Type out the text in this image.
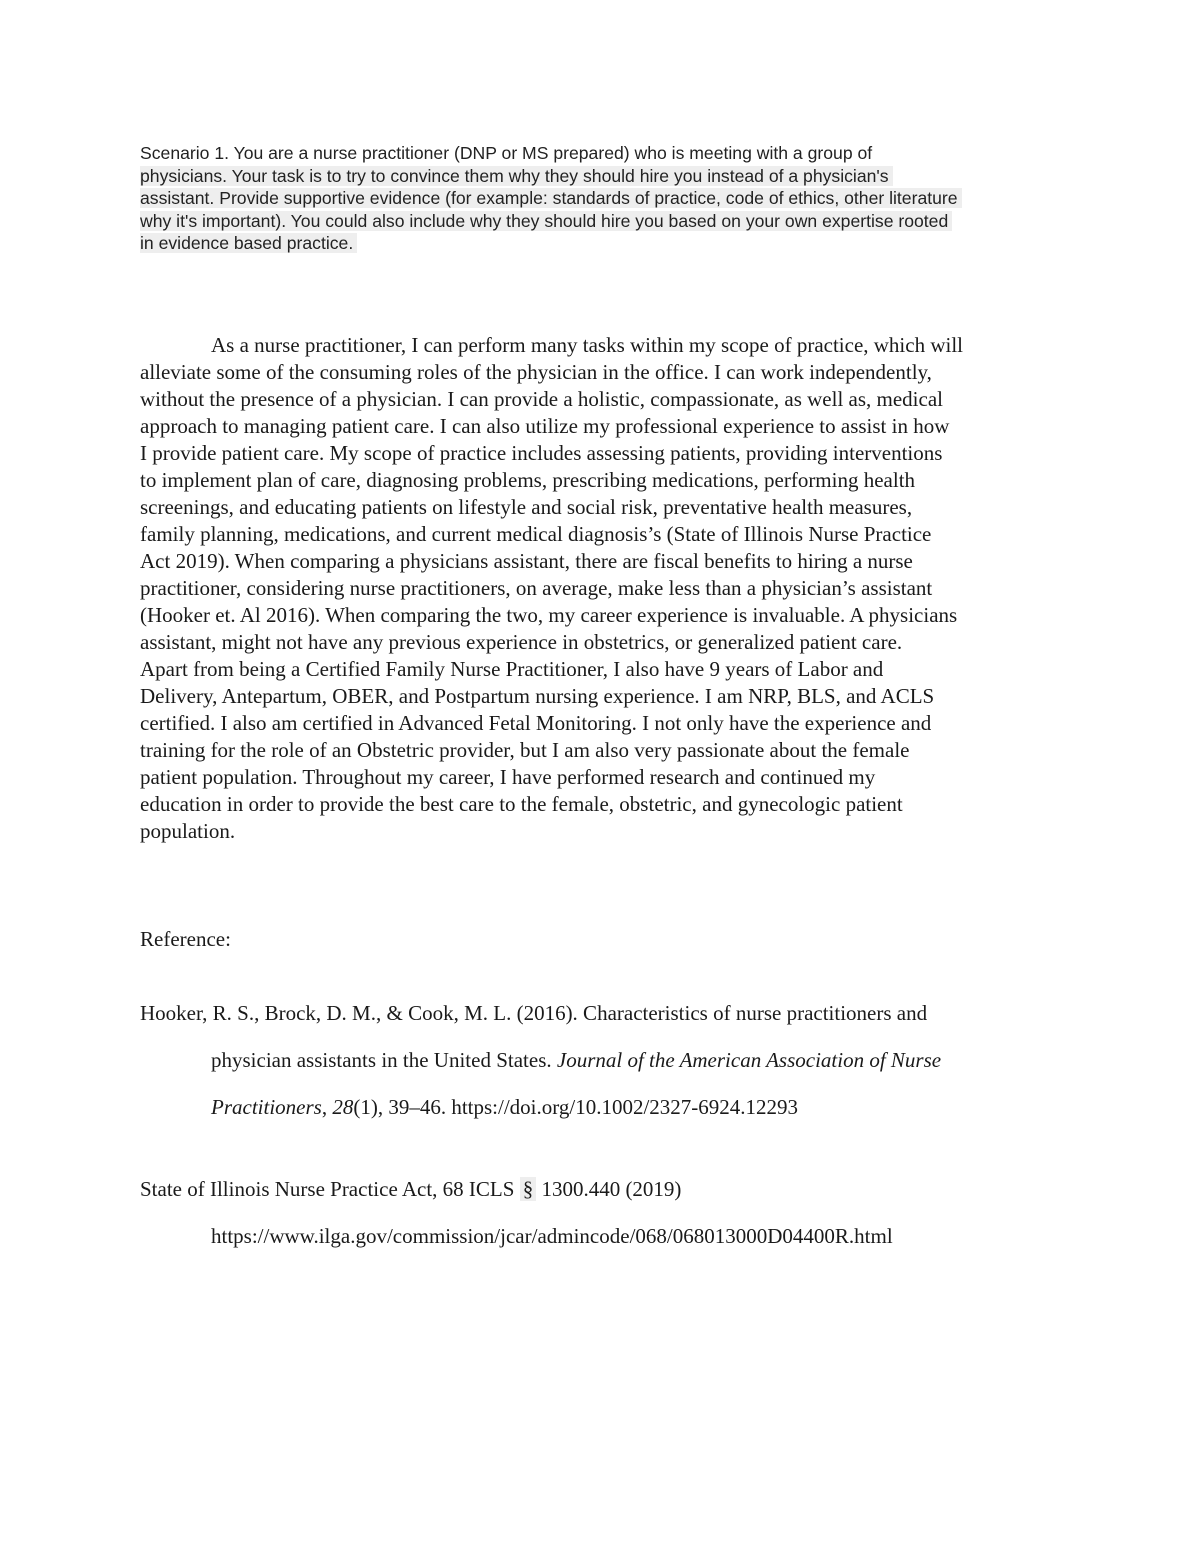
Scenario 1. You are a nurse practitioner (DNP or MS prepared) who is meeting with a group of
physicians. Your task is to try to convince them why they should hire you instead of a physician's
assistant. Provide supportive evidence (for example: standards of practice, code of ethics, other literature
why it's important). You could also include why they should hire you based on your own expertise rooted
in evidence based practice.
As a nurse practitioner, I can perform many tasks within my scope of practice, which will
alleviate some of the consuming roles of the physician in the office. I can work independently,
without the presence of a physician. I can provide a holistic, compassionate, as well as, medical
approach to managing patient care. I can also utilize my professional experience to assist in how
I provide patient care. My scope of practice includes assessing patients, providing interventions
to implement plan of care, diagnosing problems, prescribing medications, performing health
screenings, and educating patients on lifestyle and social risk, preventative health measures,
family planning, medications, and current medical diagnosis’s (State of Illinois Nurse Practice
Act 2019). When comparing a physicians assistant, there are fiscal benefits to hiring a nurse
practitioner, considering nurse practitioners, on average, make less than a physician’s assistant
(Hooker et. Al 2016). When comparing the two, my career experience is invaluable. A physicians
assistant, might not have any previous experience in obstetrics, or generalized patient care.
Apart from being a Certified Family Nurse Practitioner, I also have 9 years of Labor and
Delivery, Antepartum, OBER, and Postpartum nursing experience. I am NRP, BLS, and ACLS
certified. I also am certified in Advanced Fetal Monitoring. I not only have the experience and
training for the role of an Obstetric provider, but I am also very passionate about the female
patient population. Throughout my career, I have performed research and continued my
education in order to provide the best care to the female, obstetric, and gynecologic patient
population.
Reference:
Hooker, R. S., Brock, D. M., & Cook, M. L. (2016). Characteristics of nurse practitioners and
physician assistants in the United States. Journal of the American Association of Nurse
Practitioners, 28(1), 39–46. https://doi.org/10.1002/2327-6924.12293
State of Illinois Nurse Practice Act, 68 ICLS § 1300.440 (2019)
https://www.ilga.gov/commission/jcar/admincode/068/068013000D04400R.html
